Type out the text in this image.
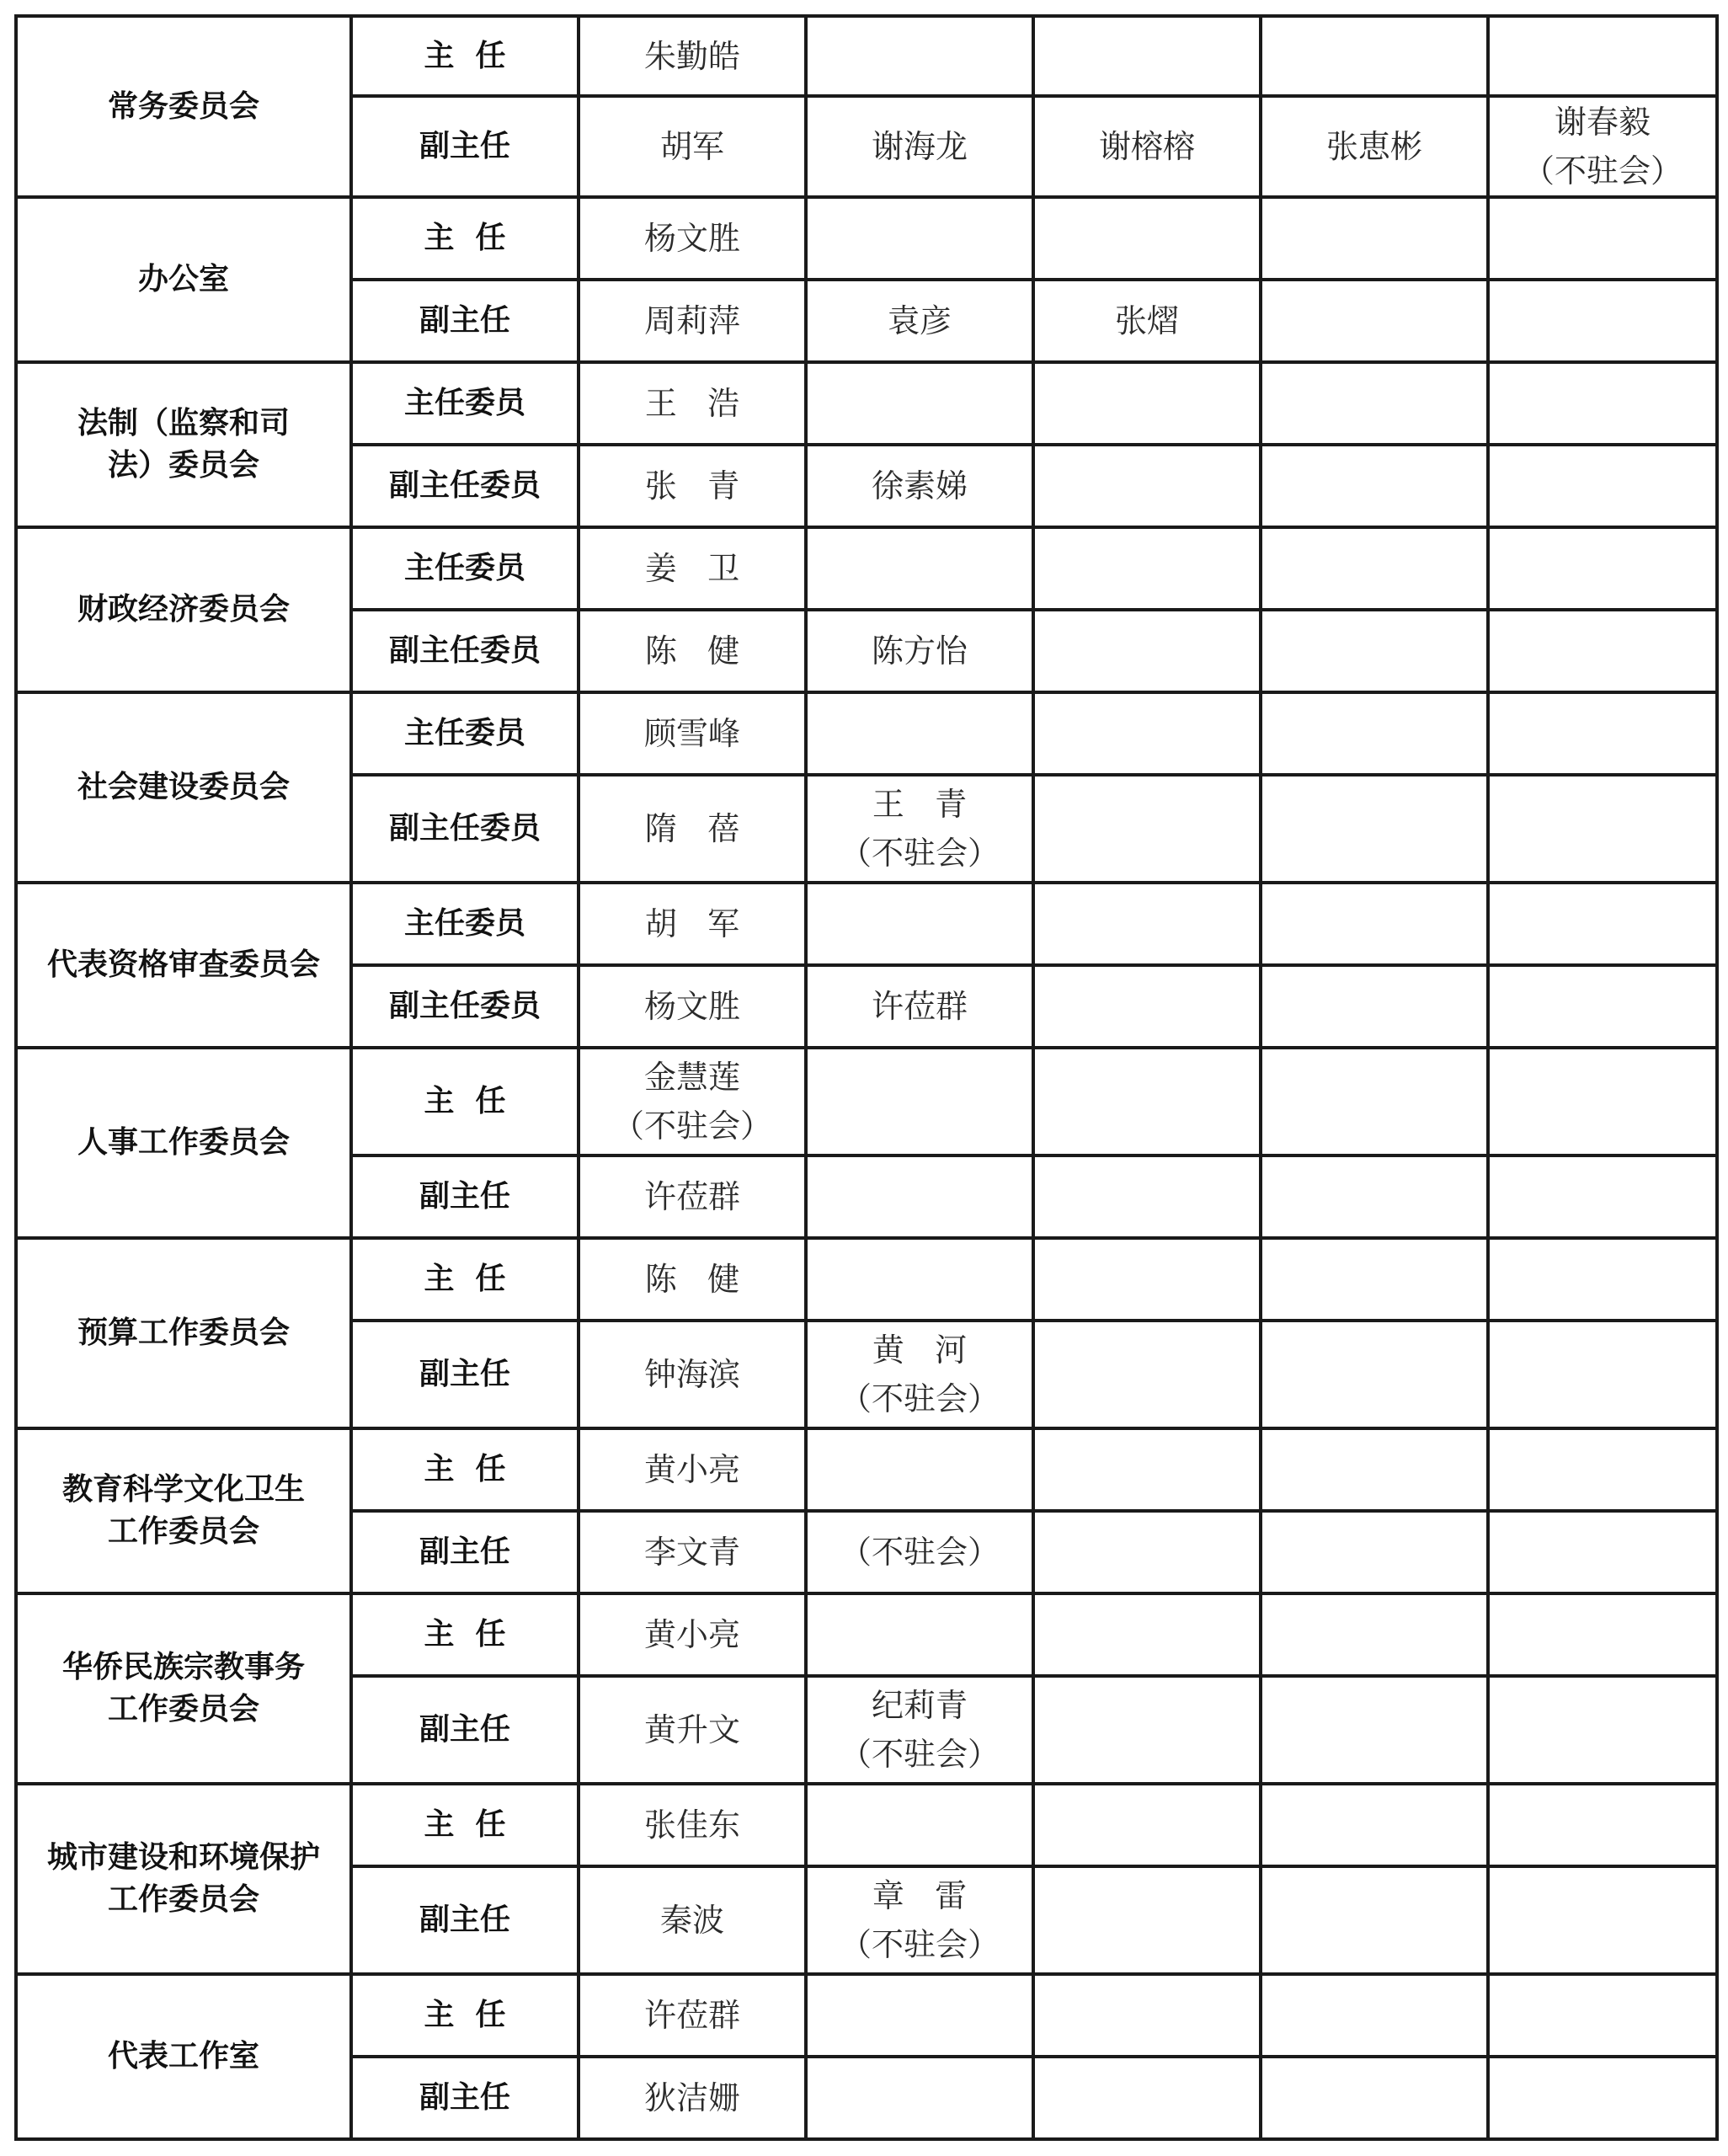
常务委员会	主  任	朱勤皓				

	副主任	胡军	谢海龙	谢榕榕	张恵彬	谢春毅
（不驻会）

办公室	主  任	杨文胜				

	副主任	周莉萍	袁彦	张熠		

法制（监察和司
法）委员会	主任委员	王   浩				

	副主任委员	张   青	徐素娣			

财政经济委员会	主任委员	姜   卫				

	副主任委员	陈   健	陈方怡			

社会建设委员会	主任委员	顾雪峰				

	副主任委员	隋   蓓	王   青
（不驻会）			

代表资格审查委员会	主任委员	胡   军				

	副主任委员	杨文胜	许莅群			

人事工作委员会	主  任	金慧莲
（不驻会）				

	副主任	许莅群				

预算工作委员会	主  任	陈   健				

	副主任	钟海滨	黄   河
（不驻会）			

教育科学文化卫生
工作委员会	主  任	黄小亮				

	副主任	李文青	（不驻会）			

华侨民族宗教事务
工作委员会	主  任	黄小亮				

	副主任	黄升文	纪莉青
（不驻会）			

城市建设和环境保护
工作委员会	主  任	张佳东				

	副主任	秦波	章   雷
（不驻会）			

代表工作室	主  任	许莅群				

	副主任	狄洁姗				
